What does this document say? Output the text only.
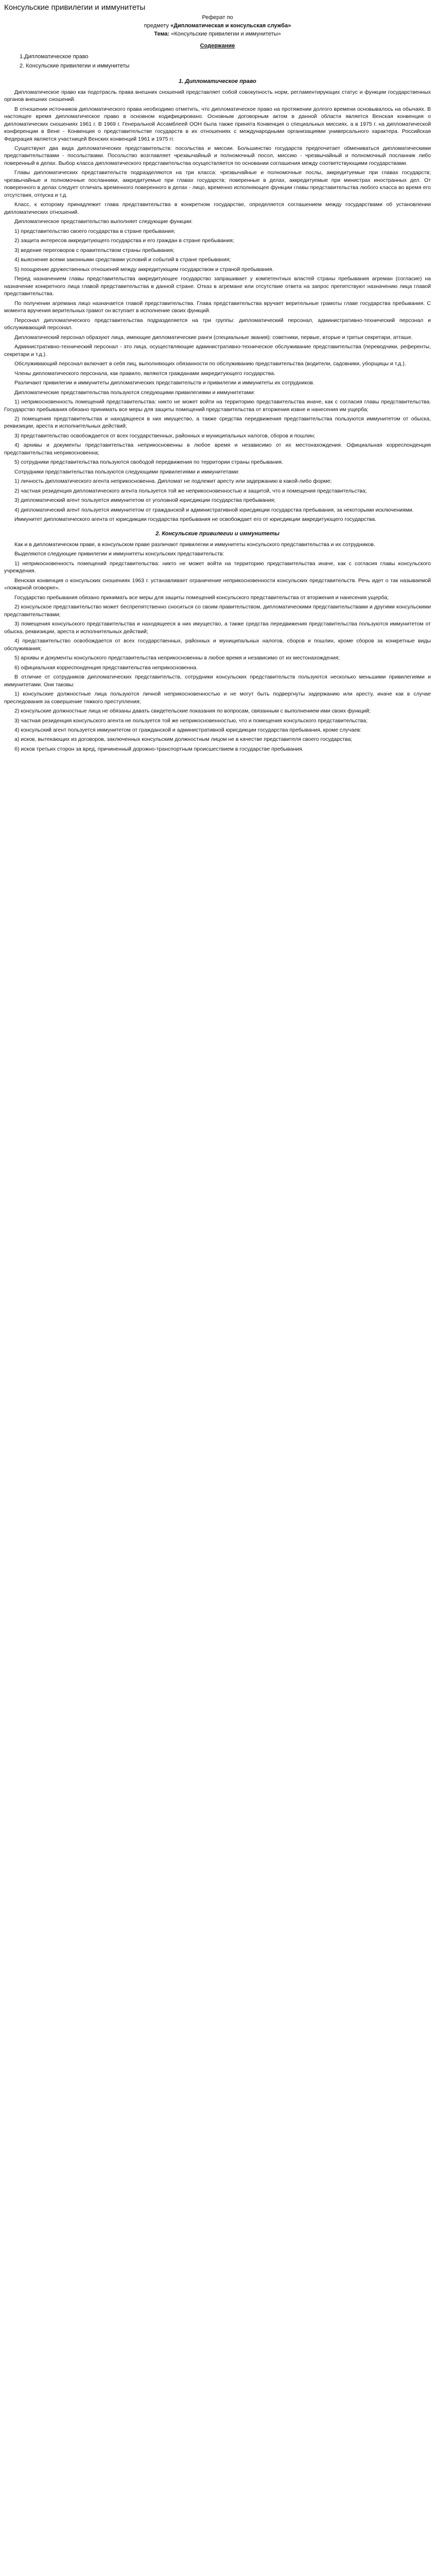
Консульские привилегии и иммунитеты
Реферат по
предмету «Дипломатическая и консульская служба»
Тема: «Консульские привилегии и иммунитеты»
Содержание
1.Дипломатическое право
2. Консульские привилегии и иммунитеты
1. Дипломатическое право

Дипломатическое право как подотрасль права внешних сношений представляет собой совокупность норм, регламентирующих статус и функции государственных органов внешних сношений.

В отношении источников дипломатического права необходимо отметить, что дипломатическое право на протяжении долгого времени основывалось на обычаях. В настоящее время дипломатическое право в основном кодифицировано. Основным договорным актом в данной области является Венская конвенция о дипломатических сношениях 1961 г. В 1969 г. Генеральной Ассамблеей ООН была также принята Конвенция о специальных миссиях, а в 1975 г. на дипломатической конференции в Вене - Конвенция о представительстве государств в их отношениях с международными организациями универсального характера. Российская Федерация является участницей Венских конвенций 1961 и 1975 гг.

Существуют два вида дипломатических представительств: посольства и миссии. Большинство государств предпочитает обмениваться дипломатическими представительствами - посольствами. Посольство возглавляет чрезвычайный и полномочный посол, миссию - чрезвычайный и полномочный посланник либо поверенный в делах. Выбор класса дипломатического представительства осуществляется по основании соглашения между соответствующими государствами.

Главы дипломатических представительств подразделяются на три класса: чрезвычайные и полномочные послы, аккредитуемые при главах государств; чрезвычайные и полномочные посланники, аккредитуемые при главах государств; поверенные в делах, аккредитуемые при министрах иностранных дел. От поверенного в делах следует отличать временного поверенного в делах - лицо, временно исполняющее функции главы представительства любого класса во время его отсутствия, отпуска и т.д.

Класс, к которому принадлежит глава представительства в конкретном государстве, определяется соглашением между государствами об установлении дипломатических отношений.

Дипломатическое представительство выполняет следующие функции:

1) представительство своего государства в стране пребывания;

2) защита интересов аккредитующего государства и его граждан в стране пребывания;

3) ведение переговоров с правительством страны пребывания;

4) выяснение всеми законными средствами условий и событий в стране пребывания;

5) поощрение дружественных отношений между аккредитующим государством и страной пребывания.

Перед назначением главы представительства аккредитующее государство запрашивает у компетентных властей страны пребывания агреман (согласие) на назначение конкретного лица главой представительства в данной стране. Отказ в агремане или отсутствие ответа на запрос препятствуют назначению лица главой представительства.

По получении агремана лицо назначается главой представительства. Глава представительства вручает верительные грамоты главе государства пребывания. С момента вручения верительных грамот он вступает в исполнение своих функций.

Персонал дипломатического представительства подразделяется на три группы: дипломатический персонал, административно-технический персонал и обслуживающий персонал.

Дипломатический персонал образуют лица, имеющие дипломатические ранги (специальные звания): советники, первые, вторые и третьи секретари, атташе.

Административно-технический персонал - это лица, осуществляющие административно-техническое обслуживание представительства (переводчики, референты, секретари и т.д.).

Обслуживающий персонал включает в себя лиц, выполняющих обязанности по обслуживанию представительства (водители, садовники, уборщицы и т.д.).

Члены дипломатического персонала, как правило, являются гражданами аккредитующего государства.

Различают привилегии и иммунитеты дипломатических представительств и привилегии и иммунитеты их сотрудников.

Дипломатические представительства пользуются следующими привилегиями и иммунитетами:

1) неприкосновенность помещений представительства: никто не может войти на территорию представительства иначе, как с согласия главы представительства. Государство пребывания обязано принимать все меры для защиты помещений представительства от вторжения извне и нанесения им ущерба;

2) помещения представительства и находящееся в них имущество, а также средства передвижения представительства пользуются иммунитетом от обыска, реквизиции, ареста и исполнительных действий;

3) представительство освобождается от всех государственных, районных и муниципальных налогов, сборов и пошлин;

4) архивы и документы представительства неприкосновенны в любое время и независимо от их местонахождения. Официальная корреспонденция представительства неприкосновенна;

5) сотрудники представительства пользуются свободой передвижения по территории страны пребывания.

Сотрудники представительства пользуются следующими привилегиями и иммунитетами:

1) личность дипломатического агента неприкосновенна. Дипломат не подлежит аресту или задержанию в какой-либо форме;

2) частная резиденция дипломатического агента пользуется той же неприкосновенностью и защитой, что и помещения представительства;

3) дипломатический агент пользуется иммунитетом от уголовной юрисдикции государства пребывания;

4) дипломатический агент пользуется иммунитетом от гражданской и административной юрисдикции государства пребывания, за некоторыми исключениями.

Иммунитет дипломатического агента от юрисдикции государства пребывания не освобождает его от юрисдикции аккредитующего государства.

2. Консульские привилегии и иммунитеты

Как и в дипломатическом праве, в консульском праве различают привилегии и иммунитеты консульского представительства и их сотрудников.

Выделяются следующие привилегии и иммунитеты консульских представительств:

1) неприкосновенность помещений представительства: никто не может войти на территорию представительства иначе, как с согласия главы консульского учреждения.

Венская конвенция о консульских сношениях 1963 г. устанавливает ограничение неприкосновенности консульских представительств. Речь идет о так называемой «пожарной оговорке».

Государство пребывания обязано принимать все меры для защиты помещений консульского представительства от вторжения и нанесения ущерба;

2) консульское представительство может беспрепятственно сноситься со своим правительством, дипломатическими представительствами и другими консульскими представительствами;

3) помещения консульского представительства и находящееся в них имущество, а также средства передвижения представительства пользуются иммунитетом от обыска, реквизиции, ареста и исполнительных действий;

4) представительство освобождается от всех государственных, районных и муниципальных налогов, сборов и пошлин, кроме сборов за конкретные виды обслуживания;

5) архивы и документы консульского представительства неприкосновенны в любое время и независимо от их местонахождения;

6) официальная корреспонденция представительства неприкосновенна.

В отличие от сотрудников дипломатических представительств, сотрудники консульских представительств пользуются несколько меньшими привилегиями и иммунитетами. Они таковы:

1) консульские должностные лица пользуются личной неприкосновенностью и не могут быть подвергнуты задержанию или аресту, иначе как в случае преследования за совершение тяжкого преступления;

2) консульские должностные лица не обязаны давать свидетельские показания по вопросам, связанным с выполнением ими своих функций;

3) частная резиденция консульского агента не пользуется той же неприкосновенностью, что и помещения консульского представительства;

4) консульский агент пользуется иммунитетом от гражданской и административной юрисдикции государства пребывания, кроме случаев:

а) исков, вытекающих из договоров, заключенных консульским должностным лицом не в качестве представителя своего государства;

б) исков третьих сторон за вред, причиненный дорожно-транспортным происшествием в государстве пребывания.
